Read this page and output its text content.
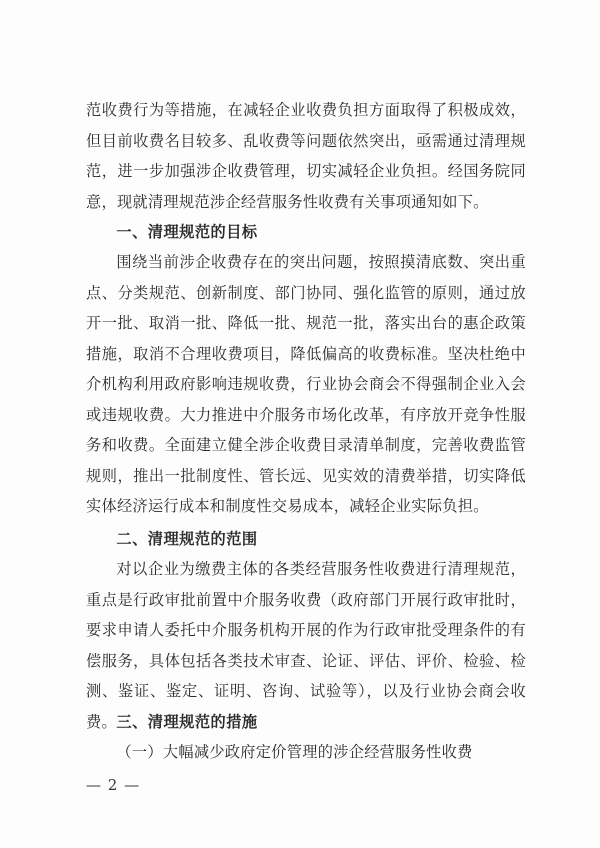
范收费行为等措施，在减轻企业收费负担方面取得了积极成效，但目前收费名目较多、乱收费等问题依然突出，亟需通过清理规范，进一步加强涉企收费管理，切实减轻企业负担。经国务院同意，现就清理规范涉企经营服务性收费有关事项通知如下。

一、清理规范的目标

围绕当前涉企收费存在的突出问题，按照摸清底数、突出重点、分类规范、创新制度、部门协同、强化监管的原则，通过放开一批、取消一批、降低一批、规范一批，落实出台的惠企政策措施，取消不合理收费项目，降低偏高的收费标准。坚决杜绝中介机构利用政府影响违规收费，行业协会商会不得强制企业入会或违规收费。大力推进中介服务市场化改革，有序放开竞争性服务和收费。全面建立健全涉企收费目录清单制度，完善收费监管规则，推出一批制度性、管长远、见实效的清费举措，切实降低实体经济运行成本和制度性交易成本，减轻企业实际负担。

二、清理规范的范围

对以企业为缴费主体的各类经营服务性收费进行清理规范，重点是行政审批前置中介服务收费（政府部门开展行政审批时，要求申请人委托中介服务机构开展的作为行政审批受理条件的有偿服务，具体包括各类技术审查、论证、评估、评价、检验、检测、鉴证、鉴定、证明、咨询、试验等），以及行业协会商会收费。 三、清理规范的措施

（一）大幅减少政府定价管理的涉企经营服务性收费

— 2 —
